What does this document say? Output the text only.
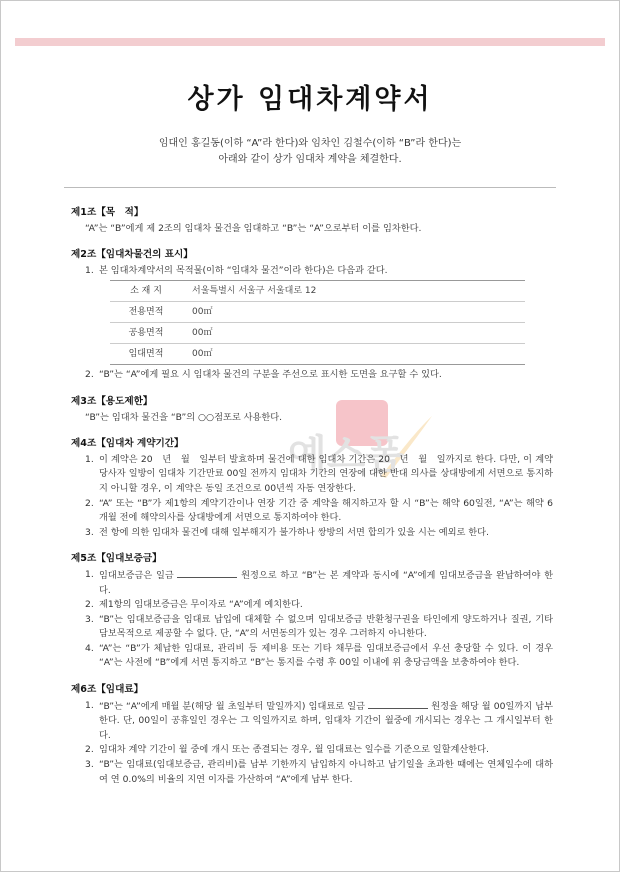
상가 임대차계약서
임대인 홍길동(이하 “A”라 한다)와 임차인 김철수(이하 “B”라 한다)는
아래와 같이 상가 임대차 계약을 체결한다.
예스폼
제1조【목　적】
“A”는 “B”에게 제 2조의 임대차 물건을 임대하고 “B”는 “A”으로부터 이를 임차한다.
제2조【임대차물건의 표시】
1. 본 임대차계약서의 목적물(이하 “임대차 물건”이라 한다)은 다음과 같다.
소 재 지	서울특별시 서울구 서울대로 12
전용면적	00㎡
공용면적	00㎡
임대면적	00㎡
2. “B”는 “A”에게 필요 시 임대차 물건의 구분을 주선으로 표시한 도면을 요구할 수 있다.
제3조【용도제한】
“B”는 임대차 물건을 “B”의 ○○점포로 사용한다.
제4조【임대차 계약기간】
1. 이 계약은 20　년　월　일부터 발효하며 물건에 대한 임대차 기간은 20　년　월　일까지로 한다. 다만, 이 계약당사자 일방이 임대차 기간만료 00일 전까지 임대차 기간의 연장에 대한 반대 의사를 상대방에게 서면으로 통지하지 아니할 경우, 이 계약은 동일 조건으로 00년씩 자동 연장한다.
2. “A” 또는 “B”가 제1항의 계약기간이나 연장 기간 중 계약을 해지하고자 할 시 “B”는 해약 60일전, “A”는 해약 6개월 전에 해약의사를 상대방에게 서면으로 통지하여야 한다.
3. 전 항에 의한 임대차 물건에 대해 일부해지가 불가하나 쌍방의 서면 합의가 있을 시는 예외로 한다.
제5조【임대보증금】
1. 임대보증금은 일금	원정으로 하고 “B”는 본 계약과 동시에 “A”에게 임대보증금을 완납하여야 한다.
2. 제1항의 임대보증금은 무이자로 “A”에게 예치한다.
3. “B”는 임대보증금을 임대료 납입에 대체할 수 없으며 임대보증금 반환청구권을 타인에게 양도하거나 질권, 기타 담보목적으로 제공할 수 없다. 단, “A”의 서면동의가 있는 경우 그러하지 아니한다.
4. “A”는 “B”가 체납한 임대료, 관리비 등 제비용 또는 기타 채무를 임대보증금에서 우선 충당할 수 있다. 이 경우 “A”는 사전에 “B”에게 서면 통지하고 “B”는 통지를 수령 후 00일 이내에 위 충당금액을 보충하여야 한다.
제6조【임대료】
1. “B”는 “A”에게 매월 분(해당 월 초일부터 말일까지) 임대료로 일금	원정을 해당 월 00일까지 납부 한다. 단, 00일이 공휴일인 경우는 그 익일까지로 하며, 임대차 기간이 월중에 개시되는 경우는 그 개시일부터 한다.
2. 임대차 계약 기간이 월 중에 개시 또는 종결되는 경우, 월 임대료는 일수를 기준으로 일할계산한다.
3. “B”는 임대료(임대보증금, 관리비)를 납부 기한까지 납입하지 아니하고 납기일을 초과한 때에는 연체일수에 대하여 연 0.0%의 비율의 지연 이자를 가산하여 “A”에게 납부 한다.
